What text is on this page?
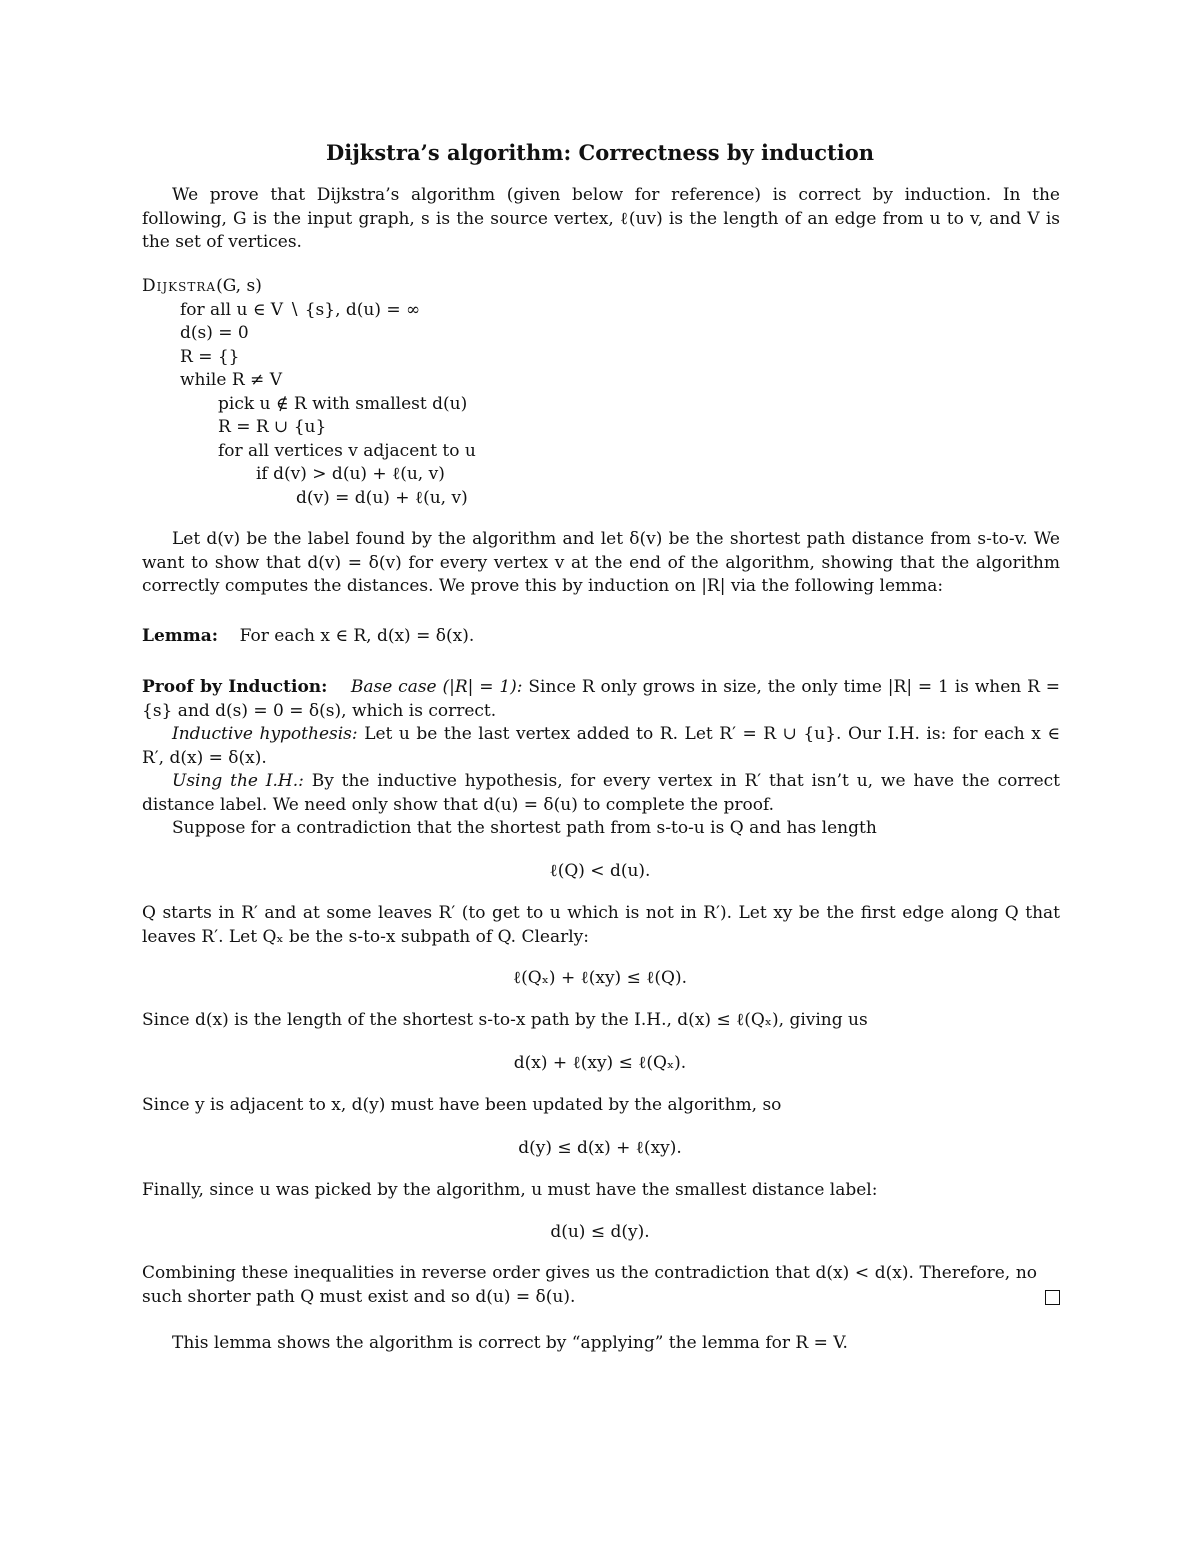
Dijkstra’s algorithm: Correctness by induction
We prove that Dijkstra’s algorithm (given below for reference) is correct by induction. In the following, G is the input graph, s is the source vertex, ℓ(uv) is the length of an edge from u to v, and V is the set of vertices.
Dijkstra(G, s)
for all u ∈ V ∖ {s}, d(u) = ∞
d(s) = 0
R = {}
while R ≠ V
pick u ∉ R with smallest d(u)
R = R ∪ {u}
for all vertices v adjacent to u
if d(v) > d(u) + ℓ(u, v)
d(v) = d(u) + ℓ(u, v)
Let d(v) be the label found by the algorithm and let δ(v) be the shortest path distance from s-to-v. We want to show that d(v) = δ(v) for every vertex v at the end of the algorithm, showing that the algorithm correctly computes the distances. We prove this by induction on |R| via the following lemma:
Lemma: For each x ∈ R, d(x) = δ(x).
Proof by Induction: Base case (|R| = 1): Since R only grows in size, the only time |R| = 1 is when R = {s} and d(s) = 0 = δ(s), which is correct.
Inductive hypothesis: Let u be the last vertex added to R. Let R′ = R ∪ {u}. Our I.H. is: for each x ∈ R′, d(x) = δ(x).
Using the I.H.: By the inductive hypothesis, for every vertex in R′ that isn’t u, we have the correct distance label. We need only show that d(u) = δ(u) to complete the proof.
Suppose for a contradiction that the shortest path from s-to-u is Q and has length
ℓ(Q) < d(u).
Q starts in R′ and at some leaves R′ (to get to u which is not in R′). Let xy be the first edge along Q that leaves R′. Let Qₓ be the s-to-x subpath of Q. Clearly:
ℓ(Qₓ) + ℓ(xy) ≤ ℓ(Q).
Since d(x) is the length of the shortest s-to-x path by the I.H., d(x) ≤ ℓ(Qₓ), giving us
d(x) + ℓ(xy) ≤ ℓ(Qₓ).
Since y is adjacent to x, d(y) must have been updated by the algorithm, so
d(y) ≤ d(x) + ℓ(xy).
Finally, since u was picked by the algorithm, u must have the smallest distance label:
d(u) ≤ d(y).
Combining these inequalities in reverse order gives us the contradiction that d(x) < d(x). Therefore, no such shorter path Q must exist and so d(u) = δ(u).
This lemma shows the algorithm is correct by “applying” the lemma for R = V.
